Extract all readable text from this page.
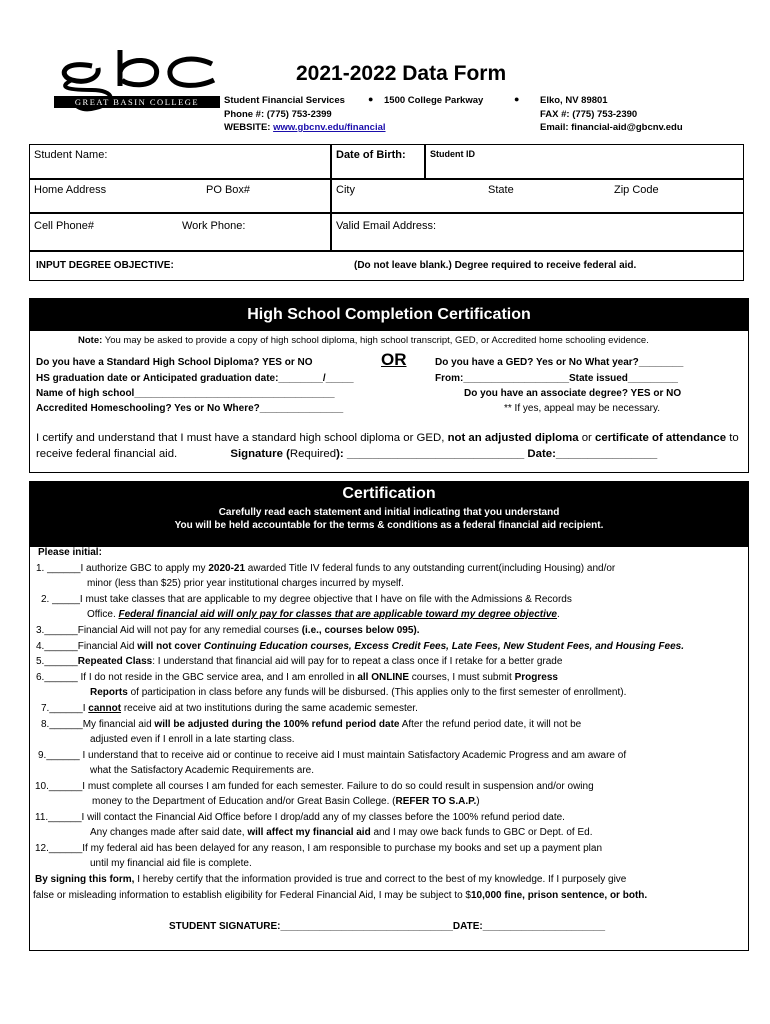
GREAT BASIN COLLEGE
2021-2022 Data Form
Student Financial Services	● 1500 College Parkway	● Elko, NV 89801
Phone #: (775) 753-2399	FAX #: (775) 753-2390
WEBSITE: www.gbcnv.edu/financial	Email: financial-aid@gbcnv.edu
Student Name:	Date of Birth:	Student ID
Home Address	PO Box#	City	State	Zip Code
Cell Phone#	Work Phone:	Valid Email Address:
INPUT DEGREE OBJECTIVE:	(Do not leave blank.) Degree required to receive federal aid.
High School Completion Certification
Note: You may be asked to provide a copy of high school diploma, high school transcript, GED, or Accredited home schooling evidence.
Do you have a Standard High School Diploma? YES or NO
HS graduation date or Anticipated graduation date:________/_____
Name of high school____________________________________
Accredited Homeschooling? Yes or No Where?_______________
OR	Do you have a GED? Yes or No What year?________
From:___________________State issued_________
Do you have an associate degree? YES or NO
** If yes, appeal may be necessary.
I certify and understand that I must have a standard high school diploma or GED, not an adjusted diploma or certificate of attendance to
receive federal financial aid.	Signature (Required): ____________________________ Date:________________
Certification
Carefully read each statement and initial indicating that you understand
You will be held accountable for the terms & conditions as a federal financial aid recipient.
Please initial:
1. ______I authorize GBC to apply my 2020-21 awarded Title IV federal funds to any outstanding current(including Housing) and/or
minor (less than $25) prior year institutional charges incurred by myself.
2. _____I must take classes that are applicable to my degree objective that I have on file with the Admissions & Records
Office. Federal financial aid will only pay for classes that are applicable toward my degree objective.
3.______Financial Aid will not pay for any remedial courses (i.e., courses below 095).
4.______Financial Aid will not cover Continuing Education courses, Excess Credit Fees, Late Fees, New Student Fees, and Housing Fees.
5.______Repeated Class: I understand that financial aid will pay for to repeat a class once if I retake for a better grade
6.______ If I do not reside in the GBC service area, and I am enrolled in all ONLINE courses, I must submit Progress
Reports of participation in class before any funds will be disbursed. (This applies only to the first semester of enrollment).
7.______I cannot receive aid at two institutions during the same academic semester.
8.______My financial aid will be adjusted during the 100% refund period date After the refund period date, it will not be
adjusted even if I enroll in a late starting class.
9.______ I understand that to receive aid or continue to receive aid I must maintain Satisfactory Academic Progress and am aware of
what the Satisfactory Academic Requirements are.
10.______I must complete all courses I am funded for each semester. Failure to do so could result in suspension and/or owing
money to the Department of Education and/or Great Basin College. (REFER TO S.A.P.)
11.______I will contact the Financial Aid Office before I drop/add any of my classes before the 100% refund period date.
Any changes made after said date, will affect my financial aid and I may owe back funds to GBC or Dept. of Ed.
12.______If my federal aid has been delayed for any reason, I am responsible to purchase my books and set up a payment plan
until my financial aid file is complete.
By signing this form, I hereby certify that the information provided is true and correct to the best of my knowledge. If I purposely give
false or misleading information to establish eligibility for Federal Financial Aid, I may be subject to $10,000 fine, prison sentence, or both.
STUDENT SIGNATURE:_______________________________DATE:______________________
